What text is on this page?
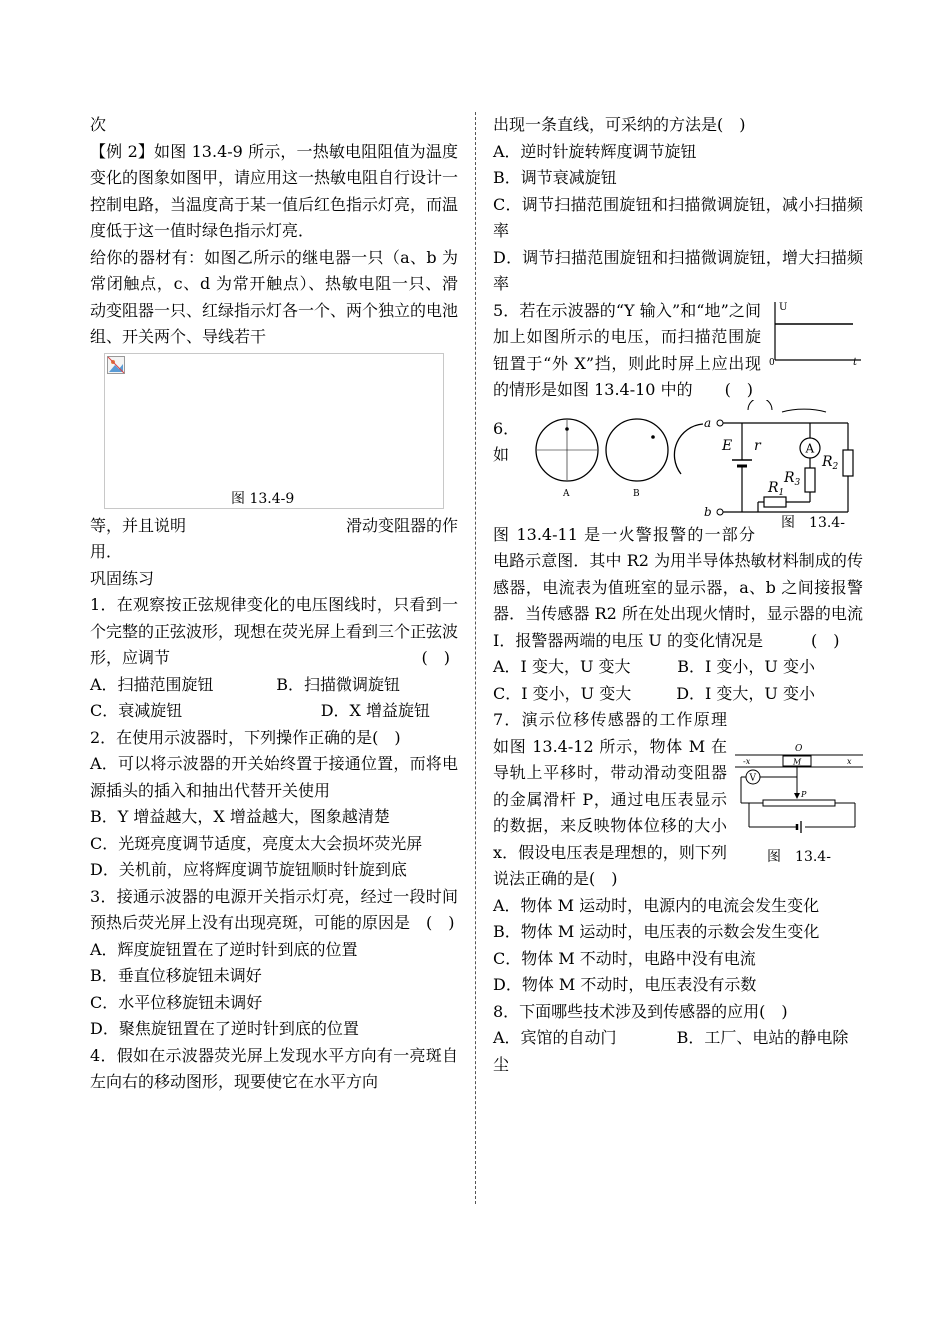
次

【例 2】如图 13.4-9 所示，一热敏电阻阻值为温度变化的图象如图甲，请应用这一热敏电阻自行设计一控制电路，当温度高于某一值后红色指示灯亮，而温度低于这一值时绿色指示灯亮．

给你的器材有：如图乙所示的继电器一只（a、b 为常闭触点，c、d 为常开触点）、热敏电阻一只、滑动变阻器一只、红绿指示灯各一个、两个独立的电池组、开关两个、导线若干

图 13.4-9
等，并且说明	滑动变阻器的作

用．

巩固练习

1．在观察按正弦规律变化的电压图线时，只看到一个完整的正弦波形，现想在荧光屏上看到三个正弦波形，应调节	(　)

A．扫描范围旋钮	B．扫描微调旋钮
C．衰减旋钮	D．X 增益旋钮

2．在使用示波器时，下列操作正确的是(　)

A．可以将示波器的开关始终置于接通位置，而将电源插头的插入和抽出代替开关使用

B．Y 增益越大，X 增益越大，图象越清楚

C．光斑亮度调节适度，亮度太大会损坏荧光屏

D．关机前，应将辉度调节旋钮顺时针旋到底

3．接通示波器的电源开关指示灯亮，经过一段时间预热后荧光屏上没有出现亮斑，可能的原因是　(　)

A．辉度旋钮置在了逆时针到底的位置

B．垂直位移旋钮未调好

C．水平位移旋钮未调好

D．聚焦旋钮置在了逆时针到底的位置

4．假如在示波器荧光屏上发现水平方向有一亮斑自左向右的移动图形，现要使它在水平方向

出现一条直线，可采纳的方法是(　)

A．逆时针旋转辉度调节旋钮

B．调节衰减旋钮

C．调节扫描范围旋钮和扫描微调旋钮，减小扫描频率

D．调节扫描范围旋钮和扫描微调旋钮，增大扫描频率

U
t
0

5．若在示波器的“Y 输入”和“地”之间加上如图所示的电压，而扫描范围旋钮置于“外 X”挡，则此时屏上应出现的情形是如图 13.4-10 中的　　(　)

6．如
A	B
a
b
E r	A
$R_3$
$R_1$
$R_2$
图　13.4-

图 13.4-11 是一火警报警的一部分电路示意图．其中 R2 为用半导体热敏材料制成的传感器，电流表为值班室的显示器，a、b 之间接报警器．当传感器 R2 所在处出现火情时，显示器的电流 I．报警器两端的电压 U 的变化情况是　　　(　)

A．I 变大，U 变大	B．I 变小，U 变小
C．I 变小，U 变大	D．I 变大，U 变小
O
M
-x	x
P
V
图　13.4-

7．演示位移传感器的工作原理如图 13.4-12 所示，物体 M 在导轨上平移时，带动滑动变阻器的金属滑杆 P，通过电压表显示的数据，来反映物体位移的大小 x．假设电压表是理想的，则下列说法正确的是(　)

A．物体 M 运动时，电源内的电流会发生变化

B．物体 M 运动时，电压表的示数会发生变化

C．物体 M 不动时，电路中没有电流

D．物体 M 不动时，电压表没有示数

8．下面哪些技术涉及到传感器的应用(　)

A．宾馆的自动门	B．工厂、电站的静电除尘
